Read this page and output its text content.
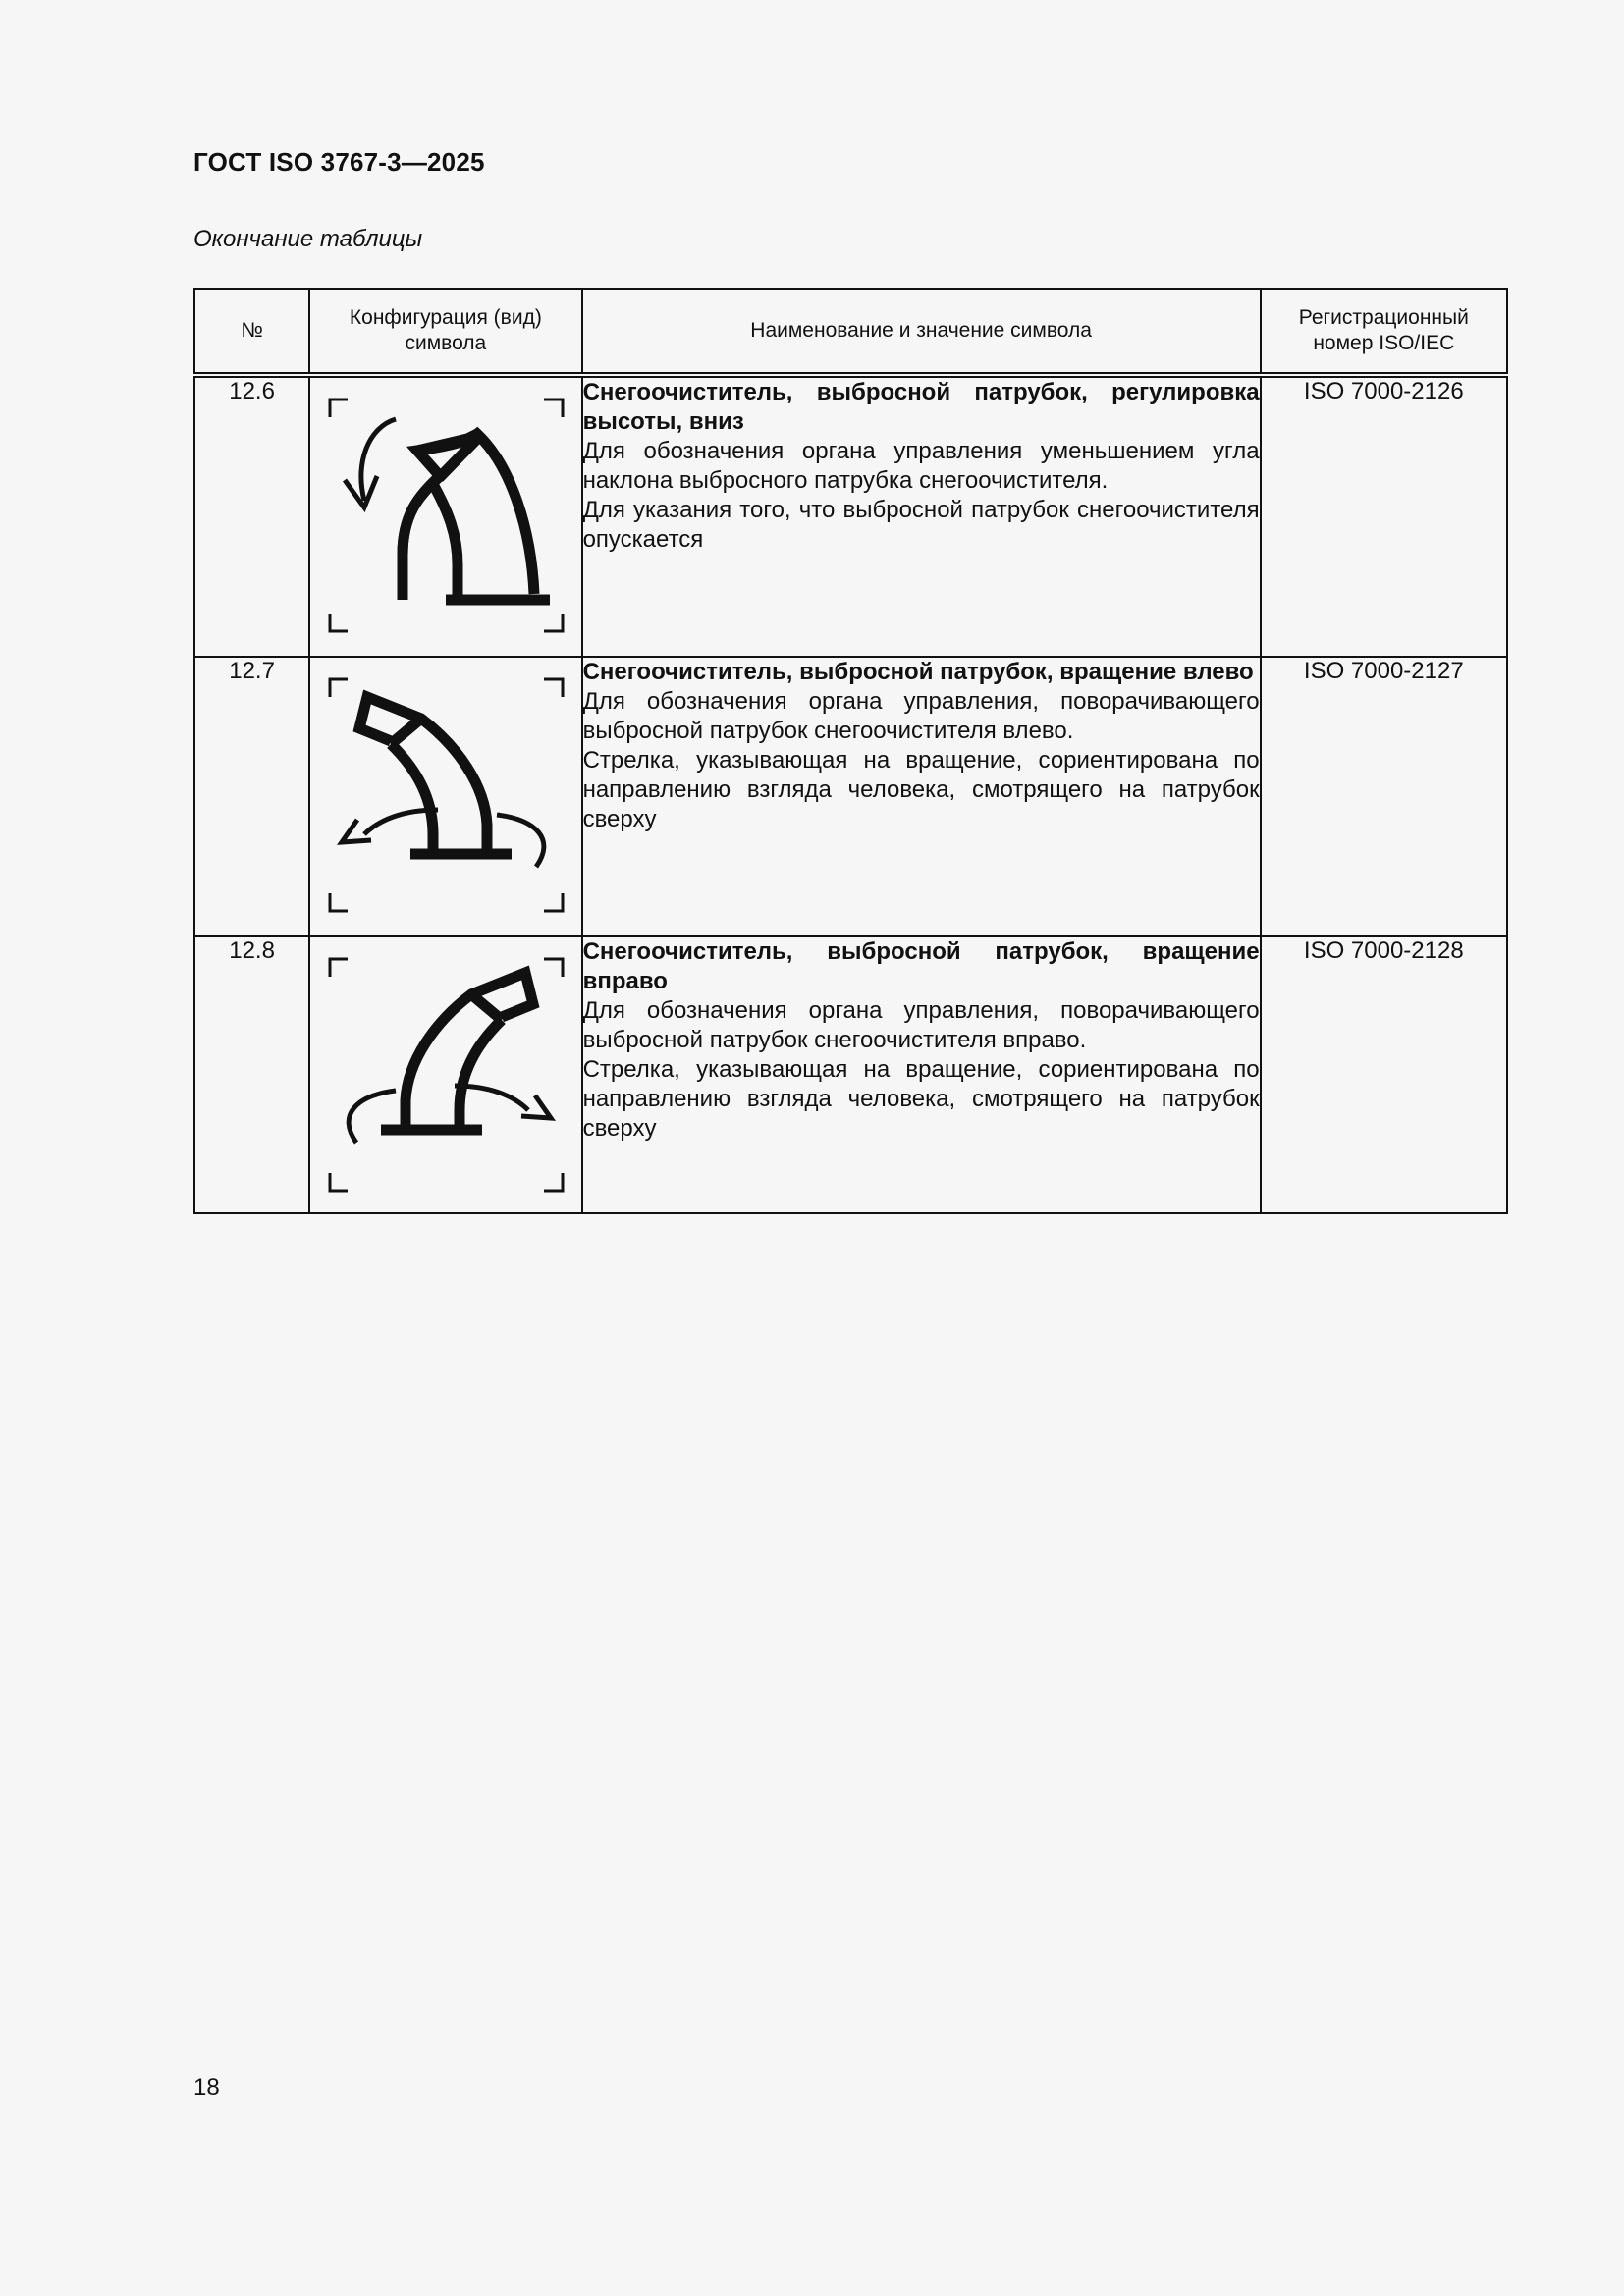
ГОСТ ISO 3767-3—2025
Окончание таблицы
№	Конфигурация (вид) символа	Наименование и значение символа	Регистрационный номер ISO/IEC
12.6		Снегоочиститель, выбросной патрубок, регулировка высоты, вниз
Для обозначения органа управления уменьшением угла наклона выбросного патрубка снегоочистителя.
Для указания того, что выбросной патрубок снегоочистителя опускается	ISO 7000-2126
12.7		Снегоочиститель, выбросной патрубок, вращение влево
Для обозначения органа управления, поворачивающего выбросной патрубок снегоочистителя влево.
Стрелка, указывающая на вращение, сориентирована по направлению взгляда человека, смотрящего на патрубок сверху	ISO 7000-2127
12.8		Снегоочиститель, выбросной патрубок, вращение вправо
Для обозначения органа управления, поворачивающего выбросной патрубок снегоочистителя вправо.
Стрелка, указывающая на вращение, сориентирована по направлению взгляда человека, смотрящего на патрубок сверху	ISO 7000-2128
18
